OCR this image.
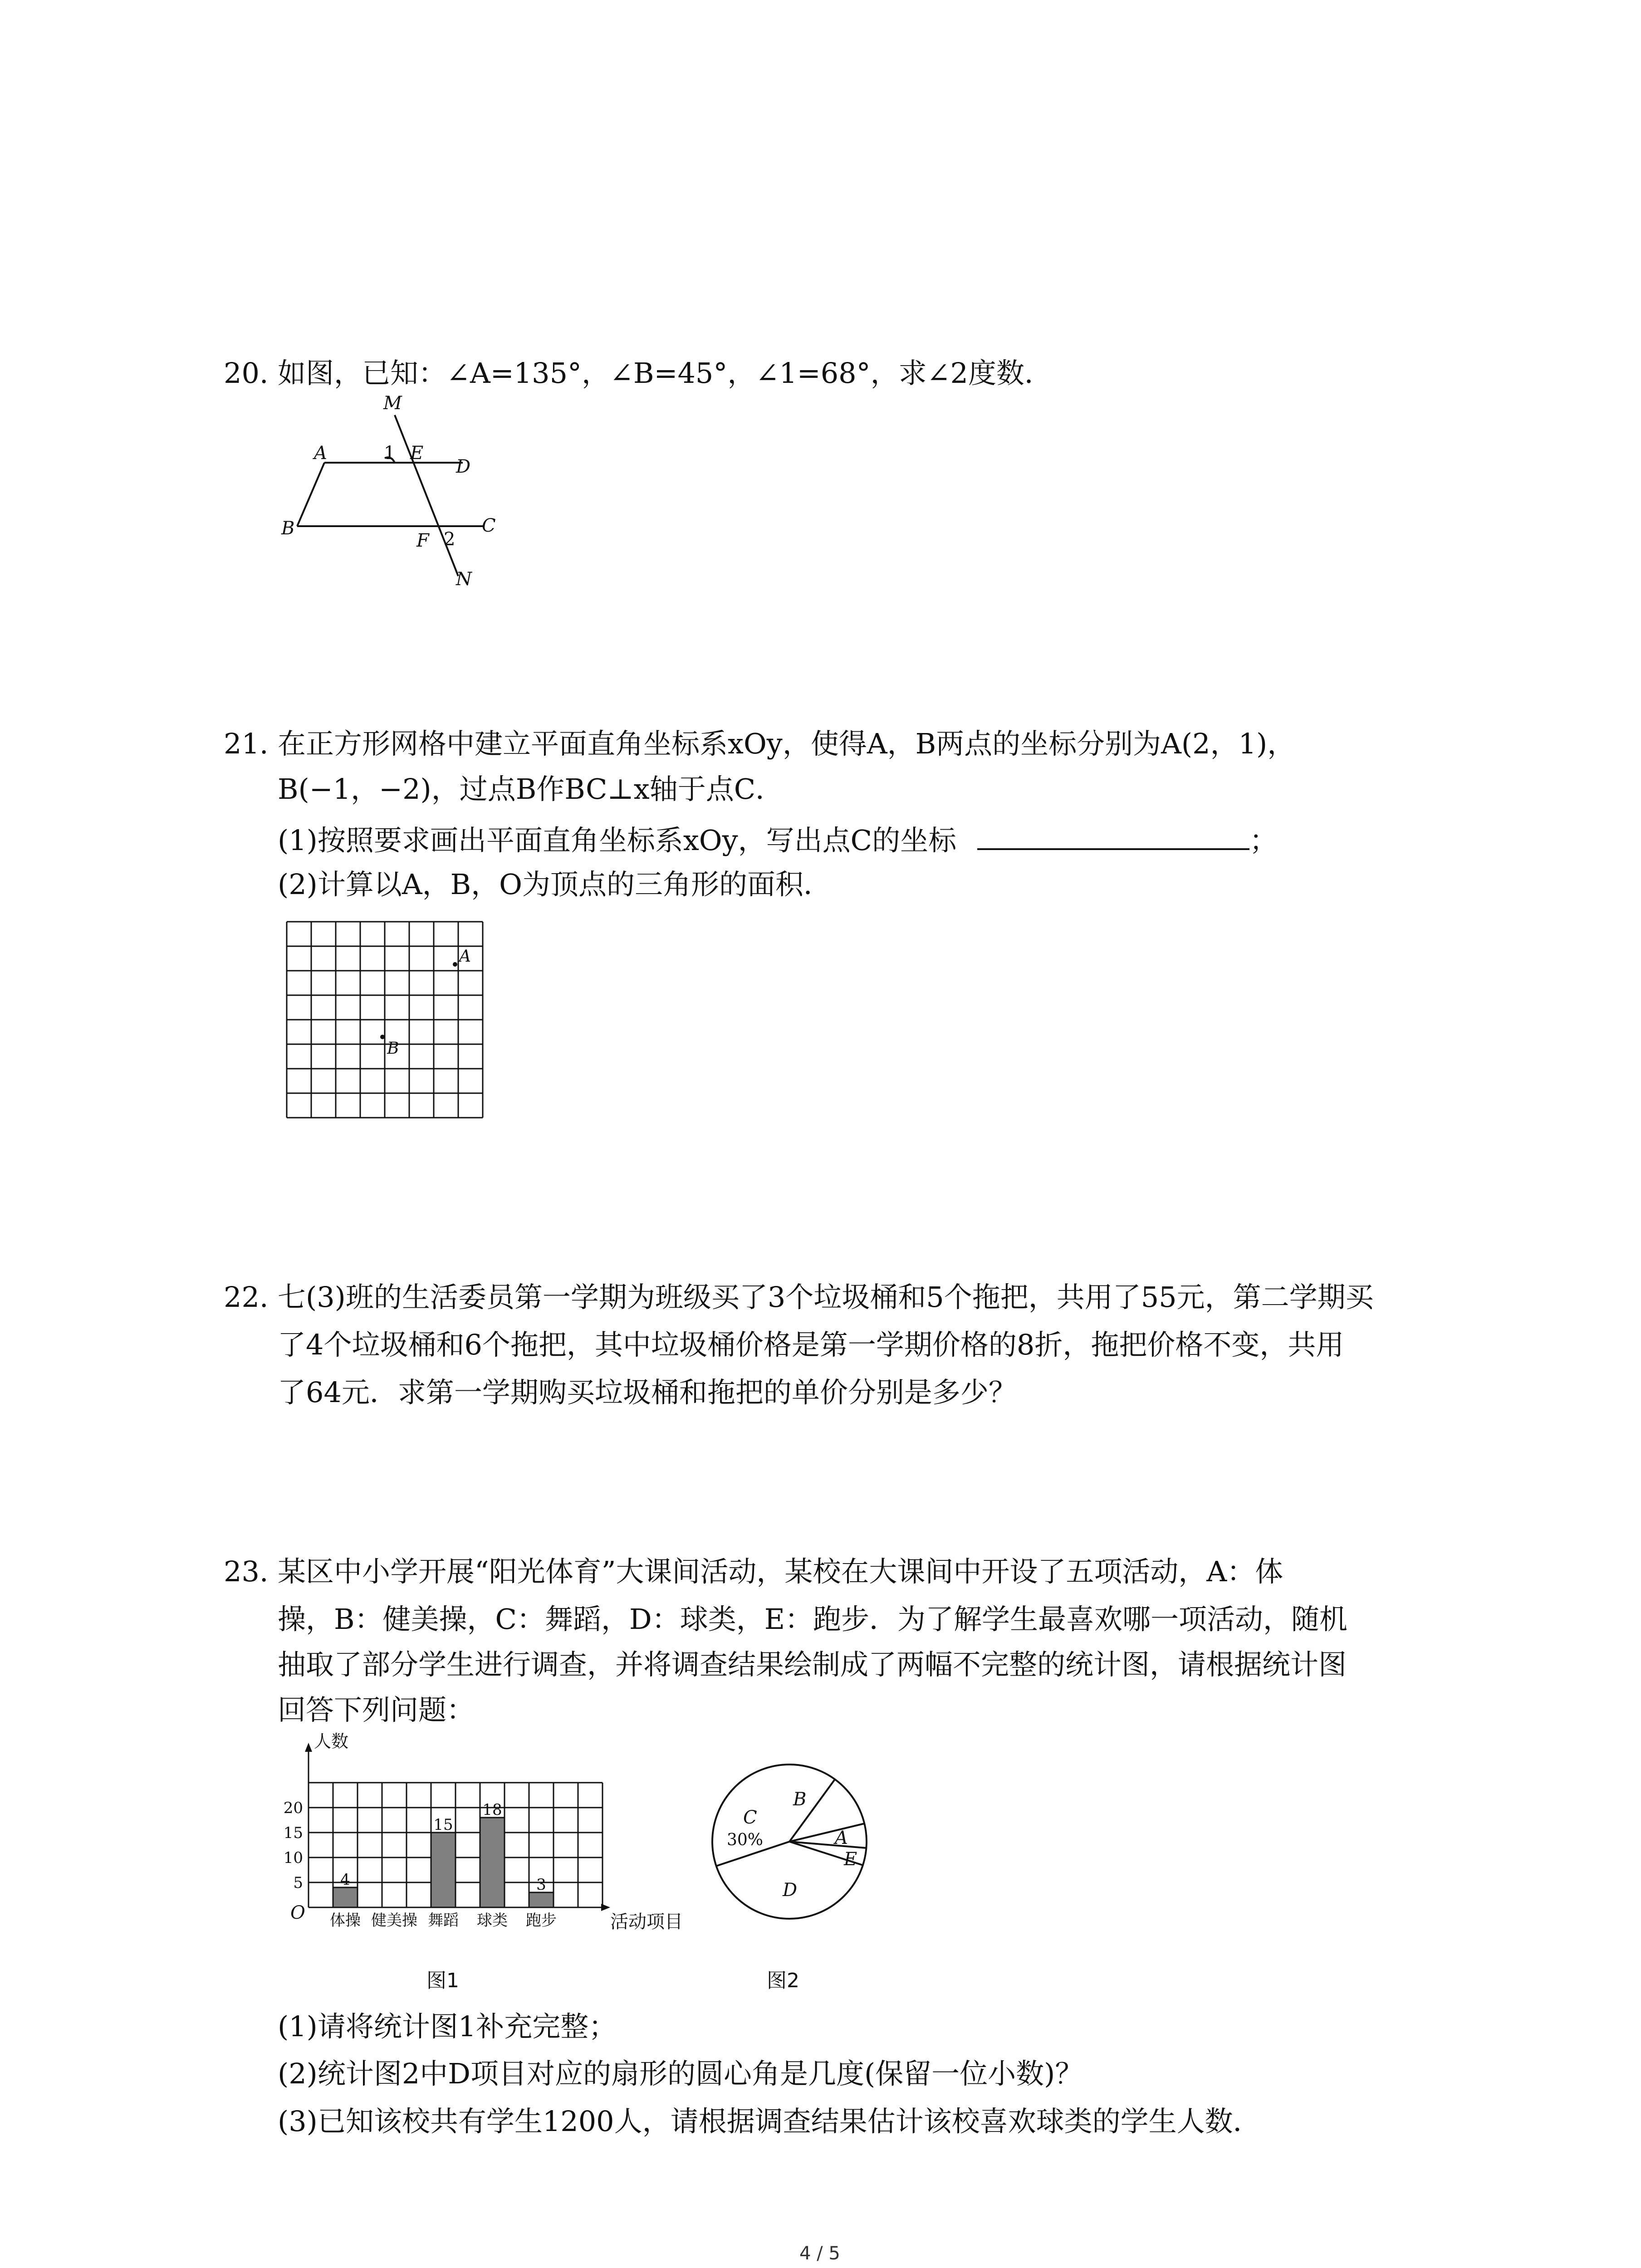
20. 如图，已知：∠A=135°，∠B=45°，∠1=68°，求∠2度数．
M
A	1 E
D
B	C
F 2
N
21. 在正方形网格中建立平面直角坐标系xOy，使得A，B两点的坐标分别为A(2，1)，
B(−1，−2)，过点B作BC⊥x轴于点C．
(1)按照要求画出平面直角坐标系xOy，写出点C的坐标	；
(2)计算以A，B，O为顶点的三角形的面积．
A
B
22. 七(3)班的生活委员第一学期为班级买了3个垃圾桶和5个拖把，共用了55元，第二学期买
了4个垃圾桶和6个拖把，其中垃圾桶价格是第一学期价格的8折，拖把价格不变，共用
了64元．求第一学期购买垃圾桶和拖把的单价分别是多少？
23. 某区中小学开展“阳光体育”大课间活动，某校在大课间中开设了五项活动，A：体
操，B：健美操，C：舞蹈，D：球类，E：跑步．为了解学生最喜欢哪一项活动，随机
抽取了部分学生进行调查，并将调查结果绘制成了两幅不完整的统计图，请根据统计图
回答下列问题：
5
10
15
20
体操
4
健美操 舞蹈
15
球类
18
跑步
3
人数
活动项目
O
图1
B
A
E
D
C
30%
图2
(1)请将统计图1补充完整；
(2)统计图2中D项目对应的扇形的圆心角是几度(保留一位小数)？
(3)已知该校共有学生1200人，请根据调查结果估计该校喜欢球类的学生人数．
4 / 5
